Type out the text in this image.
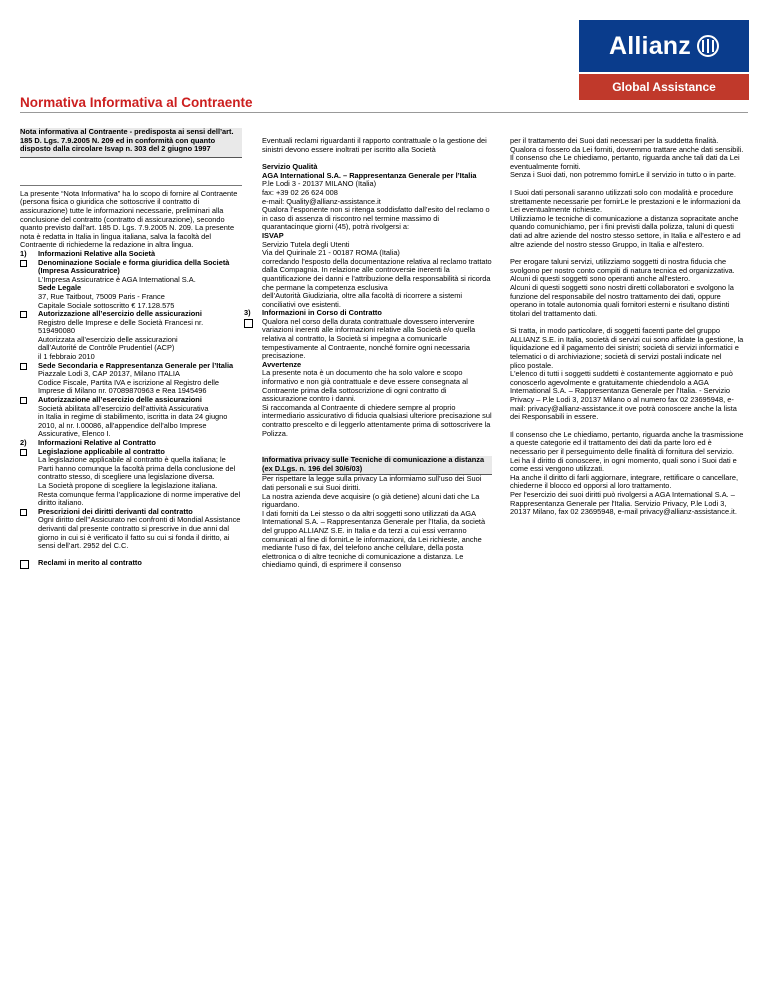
Allianz
Global Assistance
Normativa Informativa al Contraente
Nota informativa al Contraente - predisposta ai sensi dell’art. 185 D. Lgs. 7.9.2005 N. 209 ed in conformità con quanto disposto dalla circolare Isvap n. 303 del 2 giugno 1997

La presente “Nota Informativa” ha lo scopo di fornire al Contraente (persona fisica o giuridica che sottoscrive il contratto di assicurazione) tutte le informazioni necessarie, preliminari alla conclusione del contratto (contratto di assicurazione), secondo quanto previsto dall’art. 185 D. Lgs. 7.9.2005 N. 209. La presente nota è redatta in Italia in lingua italiana, salva la facoltà del Contraente di richiederne la redazione in altra lingua.

1)	Informazioni Relative alla Società

Denominazione Sociale e forma giuridica della Società (Impresa Assicuratrice)

L’Impresa Assicuratrice è AGA International S.A.

Sede Legale

37, Rue Taitbout, 75009 Paris - France
Capitale Sociale sottoscritto € 17.128.575

Autorizzazione all’esercizio delle assicurazioni

Registro delle Imprese e delle Società Francesi nr. 519490080
Autorizzata all’esercizio delle assicurazioni
dall’Autorité de Contrôle Prudentiel (ACP)
il 1 febbraio 2010

Sede Secondaria e Rappresentanza Generale per l’Italia

Piazzale Lodi 3, CAP 20137, Milano ITALIA
Codice Fiscale, Partita IVA e iscrizione al Registro delle Imprese di Milano nr. 07089870963 e Rea 1945496

Autorizzazione all’esercizio delle assicurazioni

Società abilitata all’esercizio dell’attività Assicurativa
in Italia in regime di stabilimento, iscritta in data 24 giugno 2010, al nr. I.00086, all’appendice dell’albo Imprese Assicurative, Elenco I.

2)	Informazioni Relative al Contratto

Legislazione applicabile al contratto

La legislazione applicabile al contratto è quella italiana; le Parti hanno comunque la facoltà prima della conclusione del contratto stesso, di scegliere una legislazione diversa.
La Società propone di scegliere la legislazione italiana.
Resta comunque ferma l’applicazione di norme imperative del diritto italiano.

Prescrizioni dei diritti derivanti dal contratto

Ogni diritto dell’’Assicurato nei confronti di Mondial Assistance derivanti dal presente contratto si prescrive in due anni dal giorno in cui si è verificato il fatto su cui si fonda il diritto, ai sensi dell’art. 2952 del C.C.

Reclami in merito al contratto

Eventuali reclami riguardanti il rapporto contrattuale o la gestione dei sinistri devono essere inoltrati per iscritto alla Società

Servizio Qualità
AGA International S.A. – Rappresentanza Generale per l’Italia

P.le Lodi 3 - 20137 MILANO (Italia)
fax: +39 02 26 624 008
e-mail: Quality@allianz-assistance.it
Qualora l’esponente non si ritenga soddisfatto dall’esito del reclamo o in caso di assenza di riscontro nel termine massimo di quarantacinque giorni (45), potrà rivolgersi a:

ISVAP

Servizio Tutela degli Utenti
Via del Quirinale 21 - 00187 ROMA (Italia)
corredando l’esposto della documentazione relativa al reclamo trattato dalla Compagnia. In relazione alle controversie inerenti la quantificazione dei danni e l’attribuzione della responsabilità si ricorda che permane la competenza esclusiva
dell’Autorità Giudiziaria, oltre alla facoltà di ricorrere a sistemi conciliativi ove esistenti.

3)	Informazioni in Corso di Contratto

Qualora nel corso della durata contrattuale dovessero intervenire variazioni inerenti alle informazioni relative alla Società e/o quella relativa al contratto, la Società si impegna a comunicarle tempestivamente al Contraente, nonché fornire ogni necessaria precisazione.

Avvertenze

La presente nota è un documento che ha solo valore e scopo informativo e non già contrattuale e deve essere consegnata al Contraente prima della sottoscrizione di ogni contratto di assicurazione contro i danni.
Si raccomanda al Contraente di chiedere sempre al proprio intermediario assicurativo di fiducia qualsiasi ulteriore precisazione sul contratto prescelto e di leggerlo attentamente prima di sottoscrivere la Polizza.

Informativa privacy sulle Tecniche di comunicazione a distanza (ex D.Lgs. n. 196 del 30/6/03)

Per rispettare la legge sulla privacy La informiamo sull’uso dei Suoi dati personali e sui Suoi diritti.
La nostra azienda deve acquisire (o già detiene) alcuni dati che La riguardano.
I dati forniti da Lei stesso o da altri soggetti sono utilizzati da AGA International S.A. – Rappresentanza Generale per l’Italia, da società del gruppo ALLIANZ S.E. in Italia e da terzi a cui essi verranno comunicati al fine di fornirLe le informazioni, da Lei richieste, anche mediante l’uso di fax, del telefono anche cellulare, della posta elettronica o di altre tecniche di comunicazione a distanza. Le chiediamo quindi, di esprimere il consenso

per il trattamento dei Suoi dati necessari per la suddetta finalità.
Qualora ci fossero da Lei forniti, dovremmo trattare anche dati sensibili.
Il consenso che Le chiediamo, pertanto, riguarda anche tali dati da Lei eventualmente forniti.
Senza i Suoi dati, non potremmo fornirLe il servizio in tutto o in parte.

I Suoi dati personali saranno utilizzati solo con modalità e procedure strettamente necessarie per fornirLe le prestazioni e le informazioni da Lei eventualmente richieste.
Utilizziamo le tecniche di comunicazione a distanza sopracitate anche quando comunichiamo, per i fini previsti dalla polizza, taluni di questi dati ad altre aziende del nostro stesso settore, in Italia e all'estero e ad altre aziende del nostro stesso Gruppo, in Italia e all'estero.

Per erogare taluni servizi, utilizziamo soggetti di nostra fiducia che svolgono per nostro conto compiti di natura tecnica ed organizzativa. Alcuni di questi soggetti sono operanti anche all'estero.
Alcuni di questi soggetti sono nostri diretti collaboratori e svolgono la funzione del responsabile del nostro trattamento dei dati, oppure operano in totale autonomia quali fornitori esterni e risultano distinti titolari del trattamento dati.

Si tratta, in modo particolare, di soggetti facenti parte del gruppo ALLIANZ S.E. in Italia, società di servizi cui sono affidate la gestione, la liquidazione ed il pagamento dei sinistri; società di servizi informatici e telematici o di archiviazione; società di servizi postali indicate nel
plico postale.
L'elenco di tutti i soggetti suddetti è costantemente aggiornato e può conoscerlo agevolmente e gratuitamente chiedendolo a AGA International S.A. – Rappresentanza Generale per l'Italia. - Servizio Privacy – P.le Lodi 3, 20137 Milano o al numero fax 02 23695948, e-mail: privacy@allianz-assistance.it ove potrà conoscere anche la lista dei Responsabili in essere.

Il consenso che Le chiediamo, pertanto, riguarda anche la trasmissione a queste categorie ed il trattamento dei dati da parte loro ed è necessario per il perseguimento delle finalità di fornitura del servizio.
Lei ha il diritto di conoscere, in ogni momento, quali sono i Suoi dati e come essi vengono utilizzati.
Ha anche il diritto di farli aggiornare, integrare, rettificare o cancellare, chiederne il blocco ed opporsi al loro trattamento.
Per l'esercizio dei suoi diritti può rivolgersi a AGA International S.A. – Rappresentanza Generale per l'Italia. Servizio Privacy, P.le Lodi 3, 20137 Milano, fax 02 23695948, e-mail privacy@allianz-assistance.it.
